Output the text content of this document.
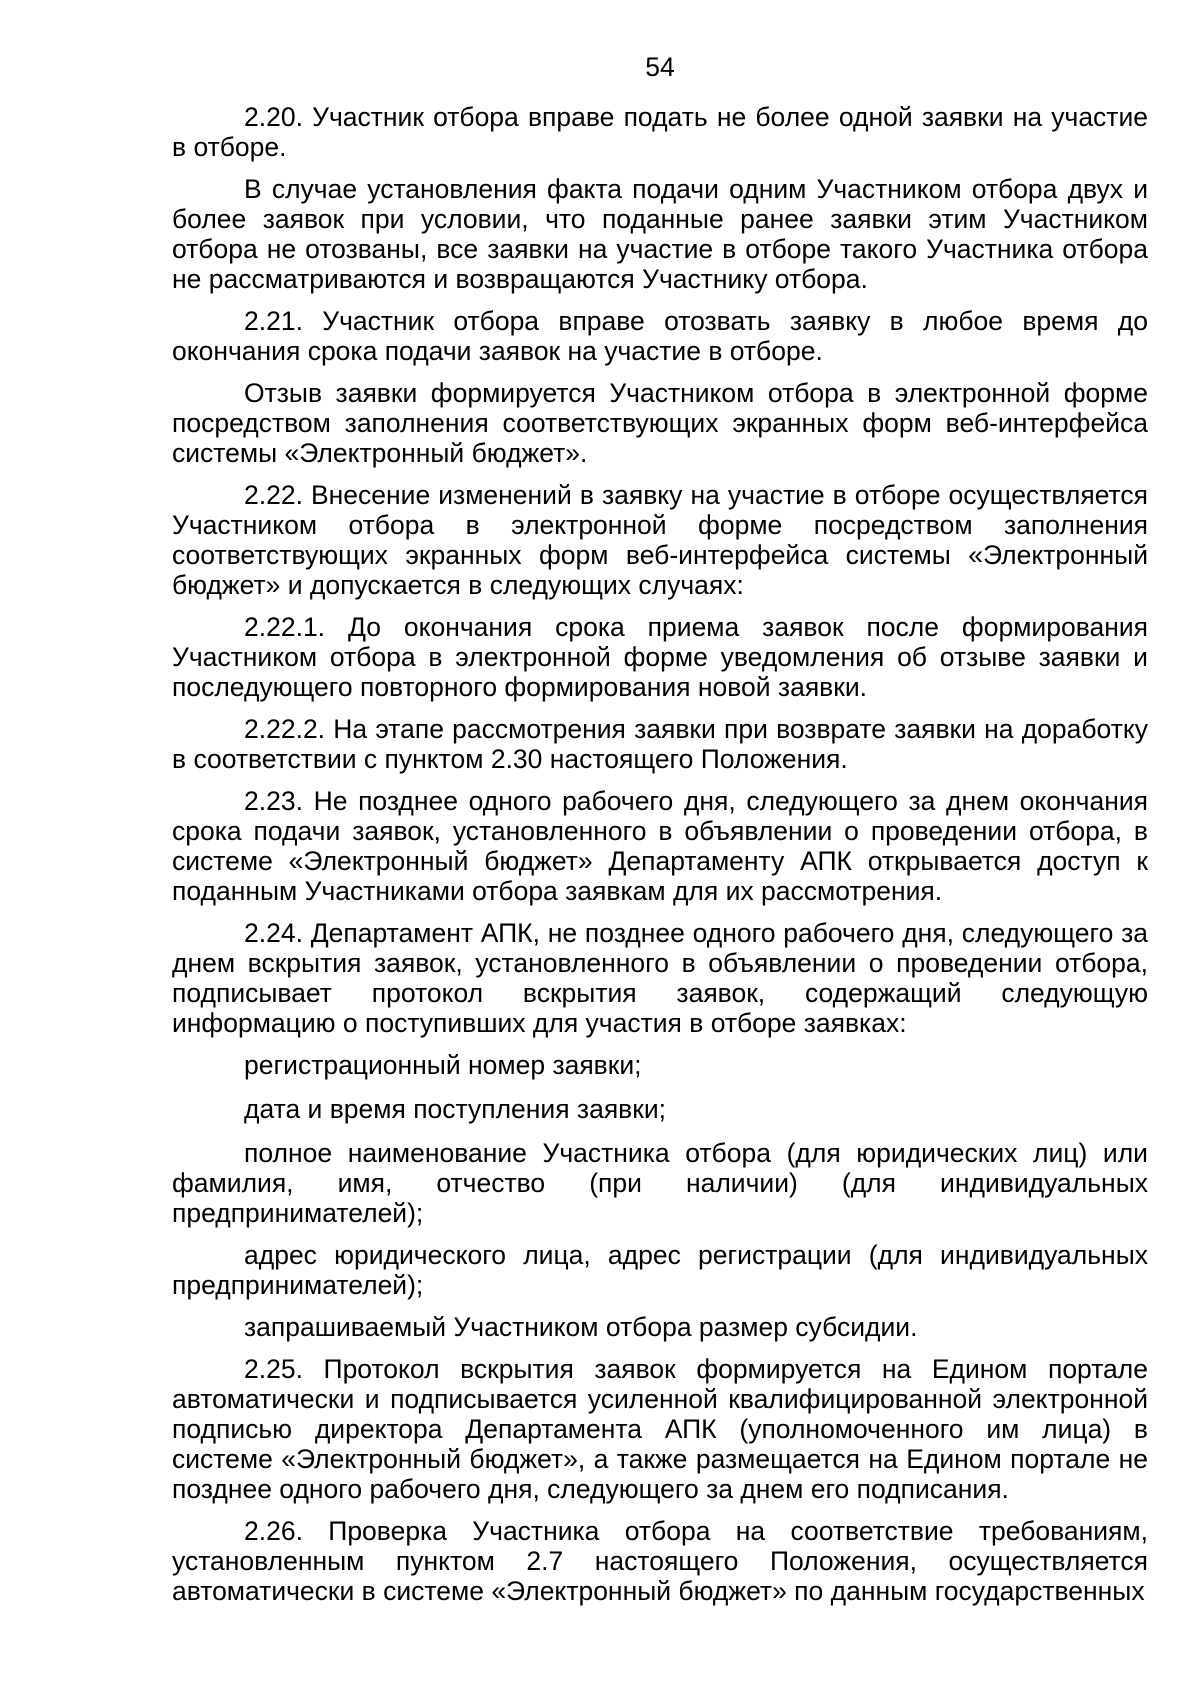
54

2.20. Участник отбора вправе подать не более одной заявки на участие в отборе.

В случае установления факта подачи одним Участником отбора двух и более заявок при условии, что поданные ранее заявки этим Участником отбора не отозваны, все заявки на участие в отборе такого Участника отбора не рассматриваются и возвращаются Участнику отбора.

2.21. Участник отбора вправе отозвать заявку в любое время до окончания срока подачи заявок на участие в отборе.

Отзыв заявки формируется Участником отбора в электронной форме посредством заполнения соответствующих экранных форм веб-интерфейса системы «Электронный бюджет».

2.22. Внесение изменений в заявку на участие в отборе осуществляется Участником отбора в электронной форме посредством заполнения соответствующих экранных форм веб-интерфейса системы «Электронный бюджет» и допускается в следующих случаях:

2.22.1. До окончания срока приема заявок после формирования Участником отбора в электронной форме уведомления об отзыве заявки и последующего повторного формирования новой заявки.

2.22.2. На этапе рассмотрения заявки при возврате заявки на доработку в соответствии с пунктом 2.30 настоящего Положения.

2.23. Не позднее одного рабочего дня, следующего за днем окончания срока подачи заявок, установленного в объявлении о проведении отбора, в системе «Электронный бюджет» Департаменту АПК открывается доступ к поданным Участниками отбора заявкам для их рассмотрения.

2.24. Департамент АПК, не позднее одного рабочего дня, следующего за днем вскрытия заявок, установленного в объявлении о проведении отбора, подписывает протокол вскрытия заявок, содержащий следующую информацию о поступивших для участия в отборе заявках:

регистрационный номер заявки;

дата и время поступления заявки;

полное наименование Участника отбора (для юридических лиц) или фамилия, имя, отчество (при наличии) (для индивидуальных предпринимателей);

адрес юридического лица, адрес регистрации (для индивидуальных предпринимателей);

запрашиваемый Участником отбора размер субсидии.

2.25. Протокол вскрытия заявок формируется на Едином портале автоматически и подписывается усиленной квалифицированной электронной подписью директора Департамента АПК (уполномоченного им лица) в системе «Электронный бюджет», а также размещается на Едином портале не позднее одного рабочего дня, следующего за днем его подписания.

2.26. Проверка Участника отбора на соответствие требованиям, установленным пунктом 2.7 настоящего Положения, осуществляется автоматически в системе «Электронный бюджет» по данным государственных
